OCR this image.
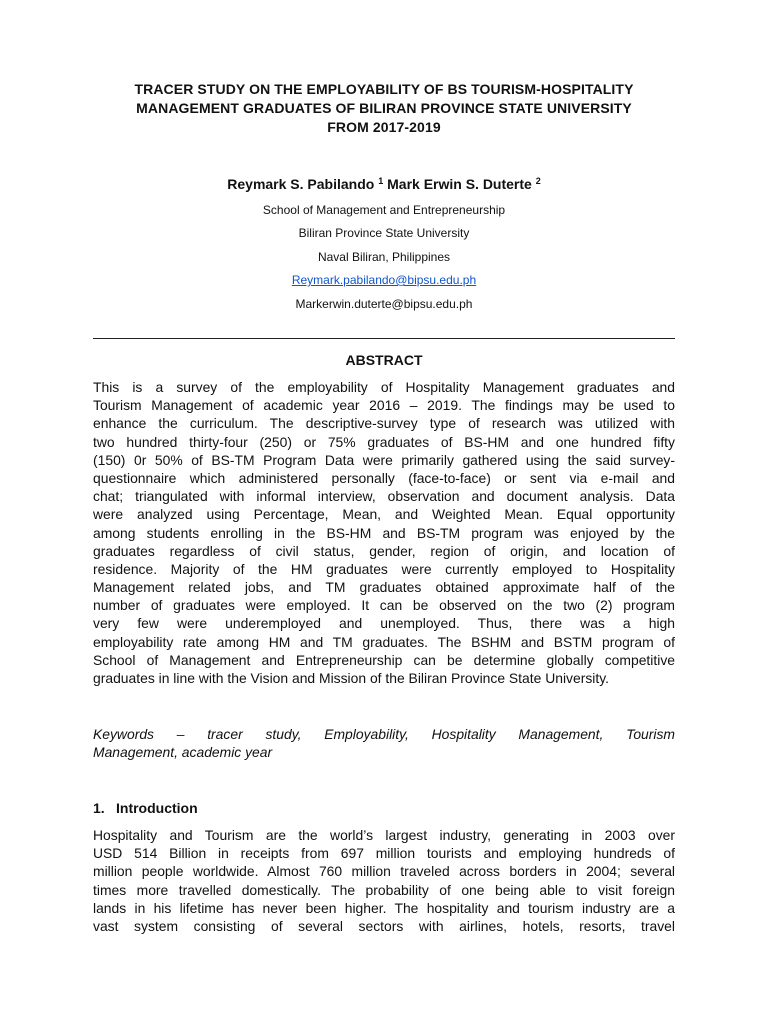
TRACER STUDY ON THE EMPLOYABILITY OF BS TOURISM-HOSPITALITY
MANAGEMENT GRADUATES OF BILIRAN PROVINCE STATE UNIVERSITY
FROM 2017-2019
Reymark S. Pabilando $^1$ Mark Erwin S. Duterte $^2$
School of Management and Entrepreneurship
Biliran Province State University
Naval Biliran, Philippines
Reymark.pabilando@bipsu.edu.ph
Markerwin.duterte@bipsu.edu.ph
ABSTRACT
This is a survey of the employability of Hospitality Management graduates and
Tourism Management of academic year 2016 – 2019. The findings may be used to
enhance the curriculum. The descriptive-survey type of research was utilized with
two hundred thirty-four (250) or 75% graduates of BS-HM and one hundred fifty
(150) 0r 50% of BS-TM Program Data were primarily gathered using the said survey-
questionnaire which administered personally (face-to-face) or sent via e-mail and
chat; triangulated with informal interview, observation and document analysis. Data
were analyzed using Percentage, Mean, and Weighted Mean. Equal opportunity
among students enrolling in the BS-HM and BS-TM program was enjoyed by the
graduates regardless of civil status, gender, region of origin, and location of
residence. Majority of the HM graduates were currently employed to Hospitality
Management related jobs, and TM graduates obtained approximate half of the
number of graduates were employed. It can be observed on the two (2) program
very few were underemployed and unemployed. Thus, there was a high
employability rate among HM and TM graduates. The BSHM and BSTM program of
School of Management and Entrepreneurship can be determine globally competitive
graduates in line with the Vision and Mission of the Biliran Province State University.
Keywords – tracer study, Employability, Hospitality Management, Tourism
Management, academic year
1. Introduction
Hospitality and Tourism are the world’s largest industry, generating in 2003 over
USD 514 Billion in receipts from 697 million tourists and employing hundreds of
million people worldwide. Almost 760 million traveled across borders in 2004; several
times more travelled domestically. The probability of one being able to visit foreign
lands in his lifetime has never been higher. The hospitality and tourism industry are a
vast system consisting of several sectors with airlines, hotels, resorts, travel
